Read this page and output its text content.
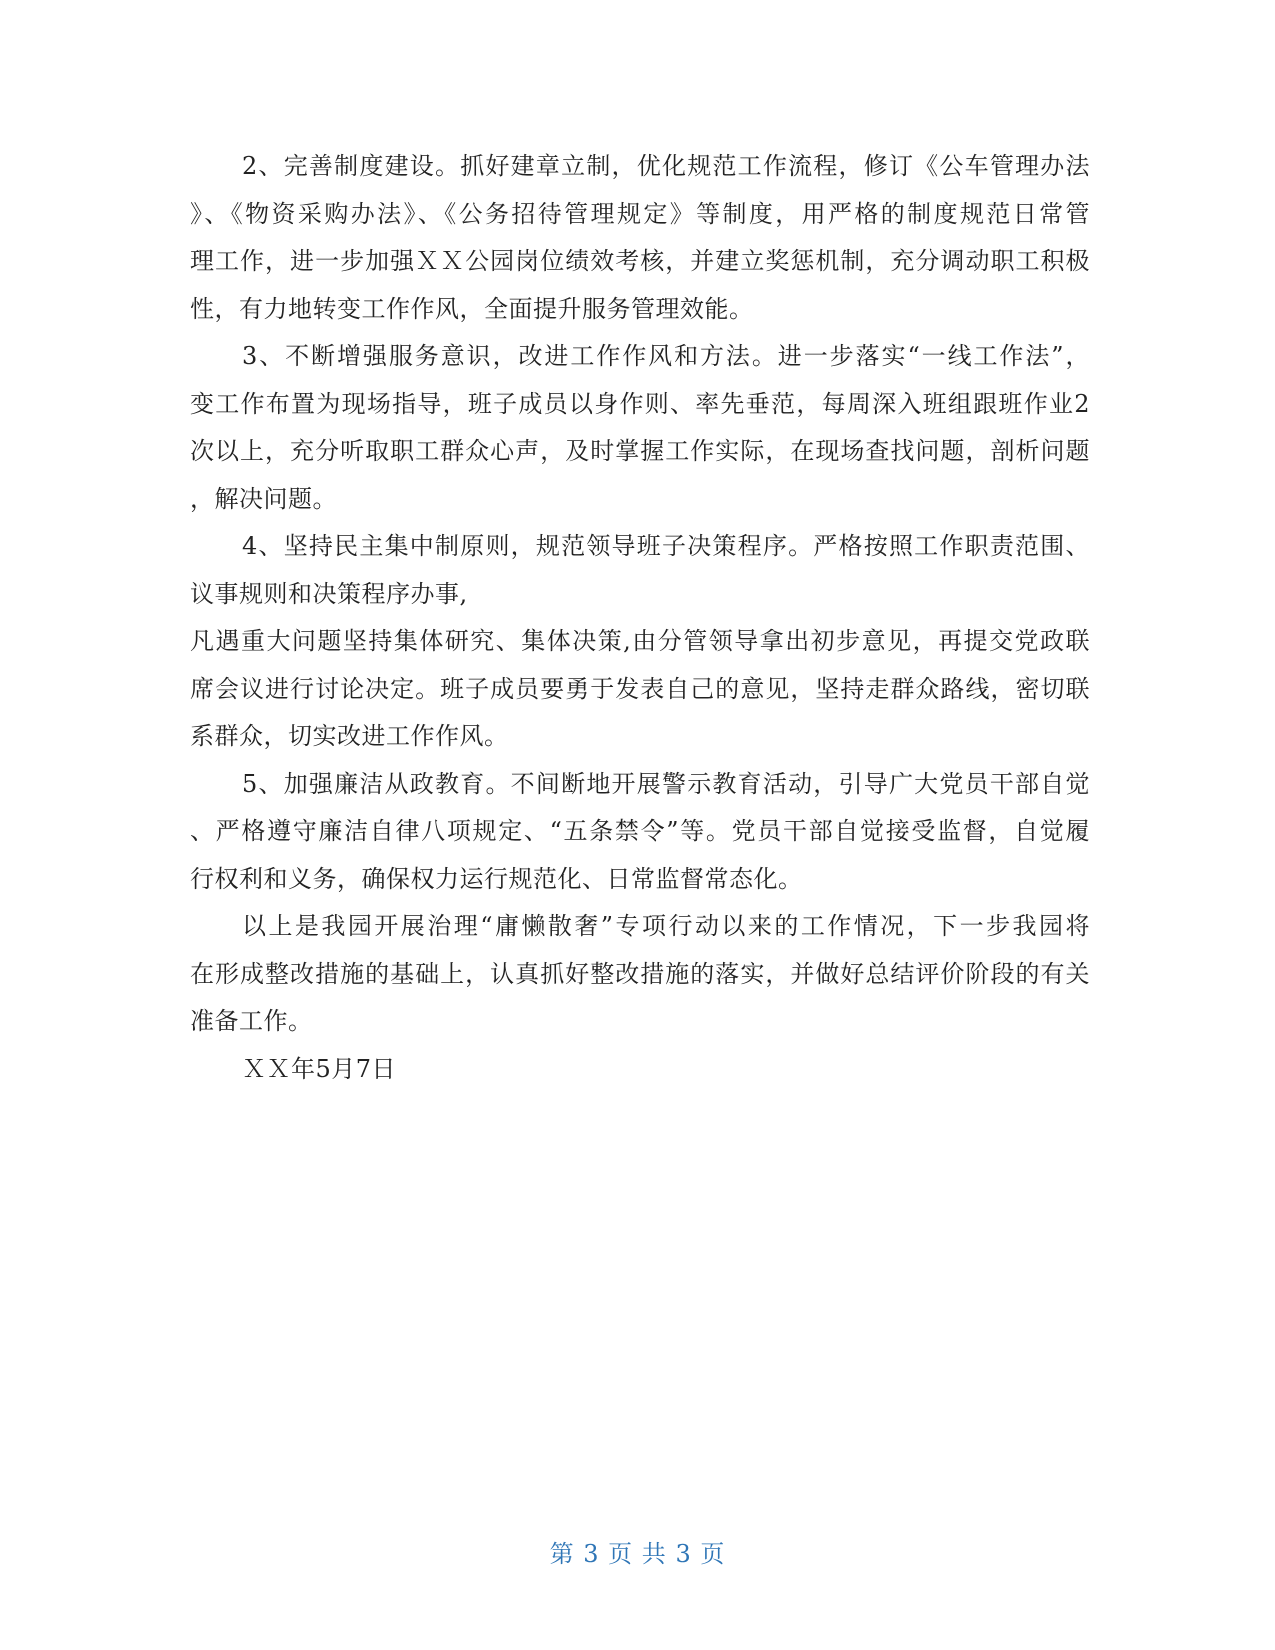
2、完善制度建设。抓好建章立制，优化规范工作流程，修订《公车管理办法
》、《物资采购办法》、《公务招待管理规定》等制度，用严格的制度规范日常管
理工作，进一步加强ＸＸ公园岗位绩效考核，并建立奖惩机制，充分调动职工积极
性，有力地转变工作作风，全面提升服务管理效能。
3、不断增强服务意识，改进工作作风和方法。进一步落实“一线工作法”，
变工作布置为现场指导，班子成员以身作则、率先垂范，每周深入班组跟班作业2
次以上，充分听取职工群众心声，及时掌握工作实际，在现场查找问题，剖析问题
，解决问题。
4、坚持民主集中制原则，规范领导班子决策程序。严格按照工作职责范围、
议事规则和决策程序办事,
凡遇重大问题坚持集体研究、集体决策,由分管领导拿出初步意见，再提交党政联
席会议进行讨论决定。班子成员要勇于发表自己的意见，坚持走群众路线，密切联
系群众，切实改进工作作风。
5、加强廉洁从政教育。不间断地开展警示教育活动，引导广大党员干部自觉
、严格遵守廉洁自律八项规定、“五条禁令”等。党员干部自觉接受监督，自觉履
行权利和义务，确保权力运行规范化、日常监督常态化。
以上是我园开展治理“庸懒散奢”专项行动以来的工作情况，下一步我园将
在形成整改措施的基础上，认真抓好整改措施的落实，并做好总结评价阶段的有关
准备工作。
ＸＸ年5月7日
第 3 页 共 3 页
